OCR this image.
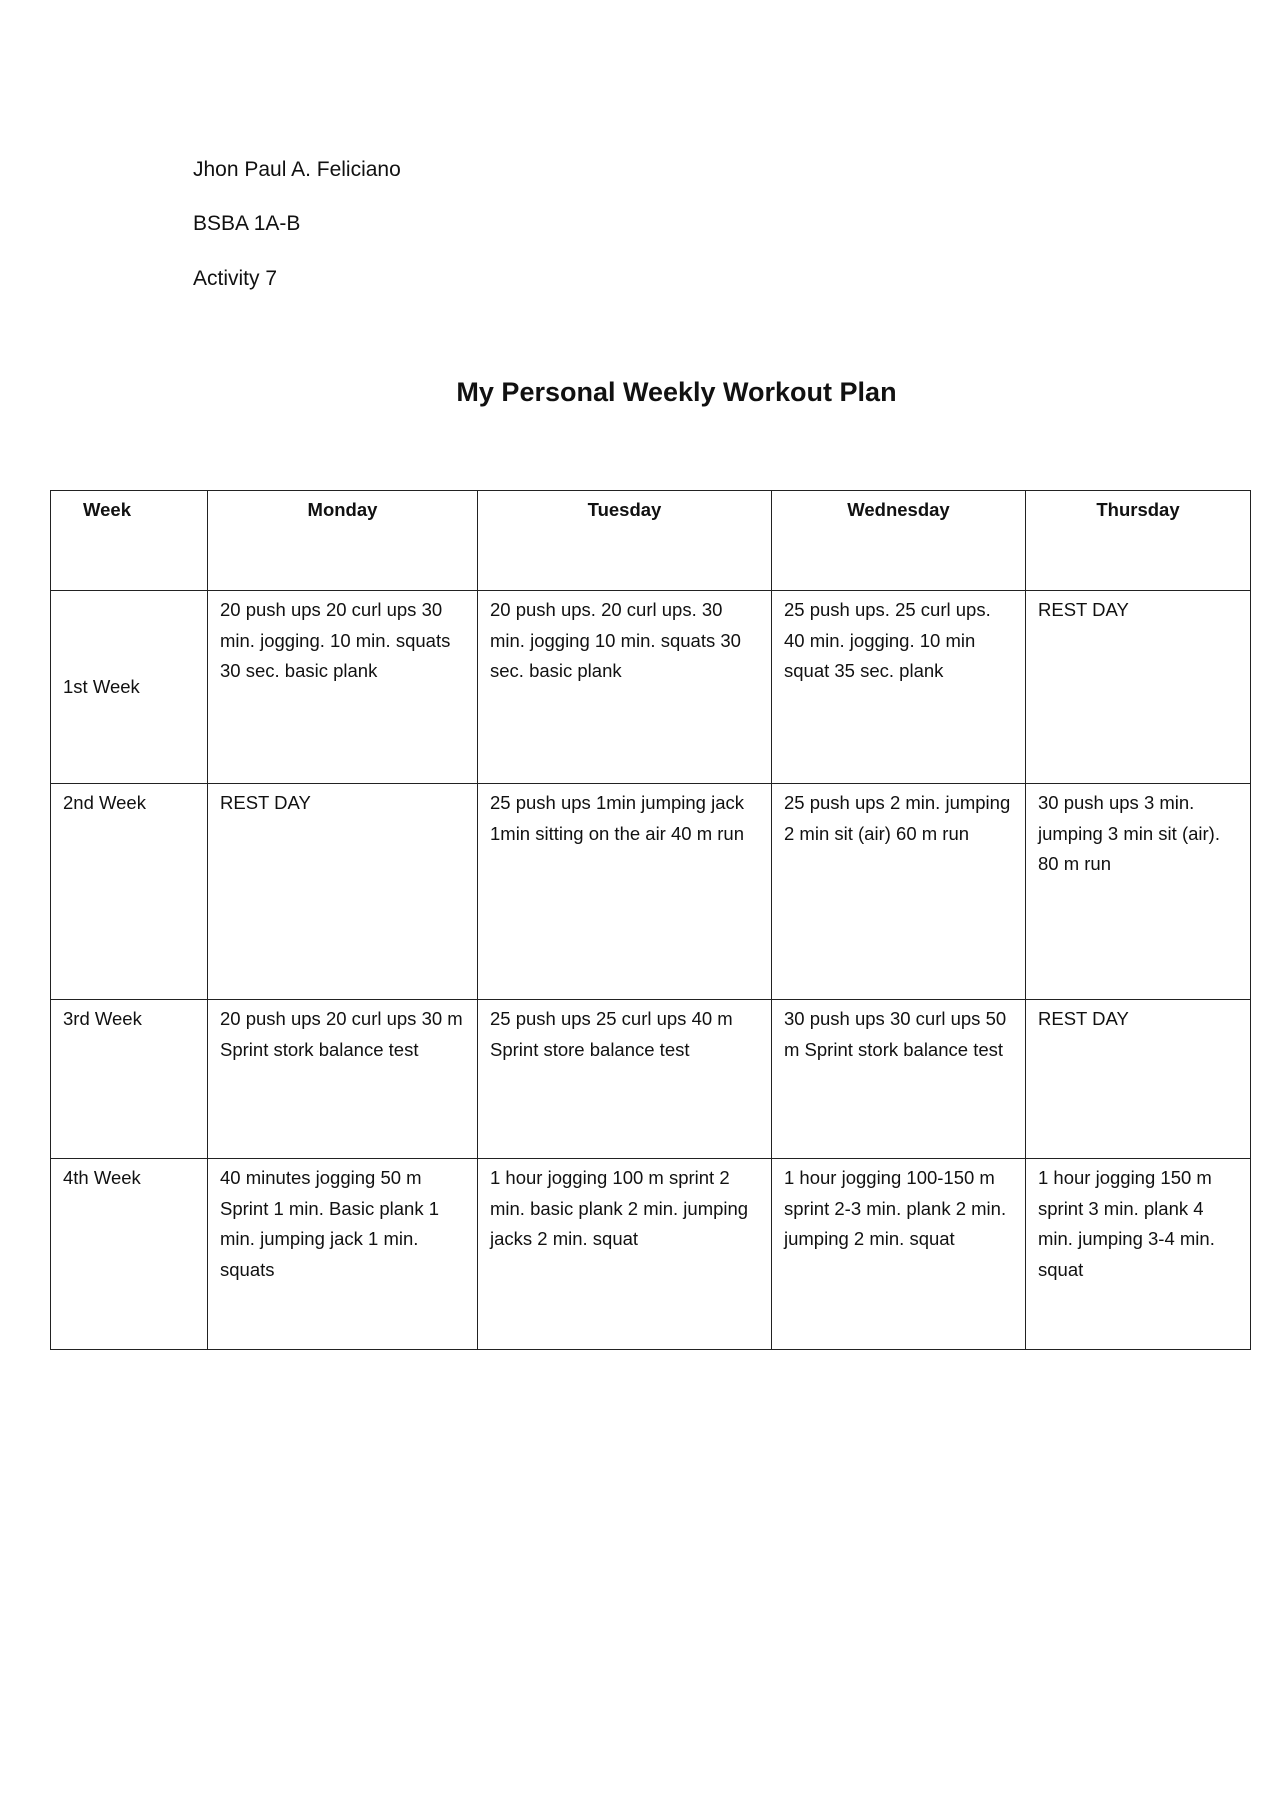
Jhon Paul A. Feliciano
BSBA 1A-B
Activity 7
My Personal Weekly Workout Plan
Week	Monday	Tuesday	Wednesday	Thursday
1st Week	20 push ups 20 curl ups 30 min. jogging. 10 min. squats 30 sec. basic plank	20 push ups. 20 curl ups. 30 min. jogging 10 min. squats 30 sec. basic plank	25 push ups. 25 curl ups. 40 min. jogging. 10 min squat 35 sec. plank	REST DAY
2nd Week	REST DAY	25 push ups 1min jumping jack 1min sitting on the air 40 m run	25 push ups 2 min. jumping 2 min sit (air) 60 m run	30 push ups 3 min. jumping 3 min sit (air). 80 m run
3rd Week	20 push ups 20 curl ups 30 m Sprint stork balance test	25 push ups 25 curl ups 40 m Sprint store balance test	30 push ups 30 curl ups 50 m Sprint stork balance test	REST DAY
4th Week	40 minutes jogging 50 m Sprint 1 min. Basic plank 1 min. jumping jack 1 min. squats	1 hour jogging 100 m sprint 2 min. basic plank 2 min. jumping jacks 2 min. squat	1 hour jogging 100-150 m sprint 2-3 min. plank 2 min. jumping 2 min. squat	1 hour jogging 150 m sprint 3 min. plank 4 min. jumping 3-4 min. squat
